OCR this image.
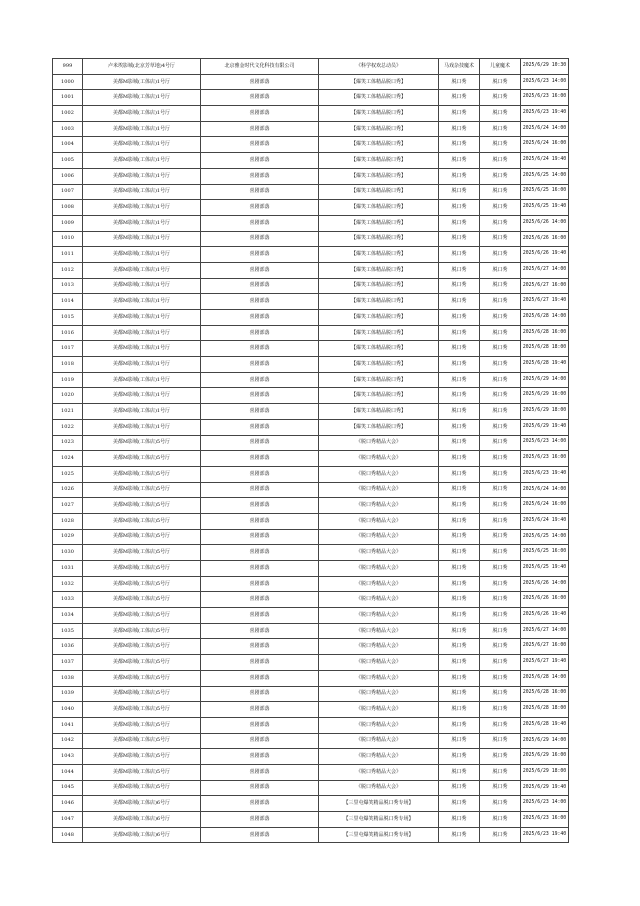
999	卢米埃影城(北京芳草地)4号厅	北京雅金时代文化科技有限公司	《科学权欢总动员》	马戏杂技魔术	儿童魔术	2025/6/29 10:30
1000	美都M影城(工体店)1号厅	喜剧部落	【爆笑工体精品脱口秀】	脱口秀	脱口秀	2025/6/23 14:00
1001	美都M影城(工体店)1号厅	喜剧部落	【爆笑工体精品脱口秀】	脱口秀	脱口秀	2025/6/23 16:00
1002	美都M影城(工体店)1号厅	喜剧部落	【爆笑工体精品脱口秀】	脱口秀	脱口秀	2025/6/23 19:40
1003	美都M影城(工体店)1号厅	喜剧部落	【爆笑工体精品脱口秀】	脱口秀	脱口秀	2025/6/24 14:00
1004	美都M影城(工体店)1号厅	喜剧部落	【爆笑工体精品脱口秀】	脱口秀	脱口秀	2025/6/24 16:00
1005	美都M影城(工体店)1号厅	喜剧部落	【爆笑工体精品脱口秀】	脱口秀	脱口秀	2025/6/24 19:40
1006	美都M影城(工体店)1号厅	喜剧部落	【爆笑工体精品脱口秀】	脱口秀	脱口秀	2025/6/25 14:00
1007	美都M影城(工体店)1号厅	喜剧部落	【爆笑工体精品脱口秀】	脱口秀	脱口秀	2025/6/25 16:00
1008	美都M影城(工体店)1号厅	喜剧部落	【爆笑工体精品脱口秀】	脱口秀	脱口秀	2025/6/25 19:40
1009	美都M影城(工体店)1号厅	喜剧部落	【爆笑工体精品脱口秀】	脱口秀	脱口秀	2025/6/26 14:00
1010	美都M影城(工体店)1号厅	喜剧部落	【爆笑工体精品脱口秀】	脱口秀	脱口秀	2025/6/26 16:00
1011	美都M影城(工体店)1号厅	喜剧部落	【爆笑工体精品脱口秀】	脱口秀	脱口秀	2025/6/26 19:40
1012	美都M影城(工体店)1号厅	喜剧部落	【爆笑工体精品脱口秀】	脱口秀	脱口秀	2025/6/27 14:00
1013	美都M影城(工体店)1号厅	喜剧部落	【爆笑工体精品脱口秀】	脱口秀	脱口秀	2025/6/27 16:00
1014	美都M影城(工体店)1号厅	喜剧部落	【爆笑工体精品脱口秀】	脱口秀	脱口秀	2025/6/27 19:40
1015	美都M影城(工体店)1号厅	喜剧部落	【爆笑工体精品脱口秀】	脱口秀	脱口秀	2025/6/28 14:00
1016	美都M影城(工体店)1号厅	喜剧部落	【爆笑工体精品脱口秀】	脱口秀	脱口秀	2025/6/28 16:00
1017	美都M影城(工体店)1号厅	喜剧部落	【爆笑工体精品脱口秀】	脱口秀	脱口秀	2025/6/28 18:00
1018	美都M影城(工体店)1号厅	喜剧部落	【爆笑工体精品脱口秀】	脱口秀	脱口秀	2025/6/28 19:40
1019	美都M影城(工体店)1号厅	喜剧部落	【爆笑工体精品脱口秀】	脱口秀	脱口秀	2025/6/29 14:00
1020	美都M影城(工体店)1号厅	喜剧部落	【爆笑工体精品脱口秀】	脱口秀	脱口秀	2025/6/29 16:00
1021	美都M影城(工体店)1号厅	喜剧部落	【爆笑工体精品脱口秀】	脱口秀	脱口秀	2025/6/29 18:00
1022	美都M影城(工体店)1号厅	喜剧部落	【爆笑工体精品脱口秀】	脱口秀	脱口秀	2025/6/29 19:40
1023	美都M影城(工体店)5号厅	喜剧部落	《脱口秀精品大会》	脱口秀	脱口秀	2025/6/23 14:00
1024	美都M影城(工体店)5号厅	喜剧部落	《脱口秀精品大会》	脱口秀	脱口秀	2025/6/23 16:00
1025	美都M影城(工体店)5号厅	喜剧部落	《脱口秀精品大会》	脱口秀	脱口秀	2025/6/23 19:40
1026	美都M影城(工体店)5号厅	喜剧部落	《脱口秀精品大会》	脱口秀	脱口秀	2025/6/24 14:00
1027	美都M影城(工体店)5号厅	喜剧部落	《脱口秀精品大会》	脱口秀	脱口秀	2025/6/24 16:00
1028	美都M影城(工体店)5号厅	喜剧部落	《脱口秀精品大会》	脱口秀	脱口秀	2025/6/24 19:40
1029	美都M影城(工体店)5号厅	喜剧部落	《脱口秀精品大会》	脱口秀	脱口秀	2025/6/25 14:00
1030	美都M影城(工体店)5号厅	喜剧部落	《脱口秀精品大会》	脱口秀	脱口秀	2025/6/25 16:00
1031	美都M影城(工体店)5号厅	喜剧部落	《脱口秀精品大会》	脱口秀	脱口秀	2025/6/25 19:40
1032	美都M影城(工体店)5号厅	喜剧部落	《脱口秀精品大会》	脱口秀	脱口秀	2025/6/26 14:00
1033	美都M影城(工体店)5号厅	喜剧部落	《脱口秀精品大会》	脱口秀	脱口秀	2025/6/26 16:00
1034	美都M影城(工体店)5号厅	喜剧部落	《脱口秀精品大会》	脱口秀	脱口秀	2025/6/26 19:40
1035	美都M影城(工体店)5号厅	喜剧部落	《脱口秀精品大会》	脱口秀	脱口秀	2025/6/27 14:00
1036	美都M影城(工体店)5号厅	喜剧部落	《脱口秀精品大会》	脱口秀	脱口秀	2025/6/27 16:00
1037	美都M影城(工体店)5号厅	喜剧部落	《脱口秀精品大会》	脱口秀	脱口秀	2025/6/27 19:40
1038	美都M影城(工体店)5号厅	喜剧部落	《脱口秀精品大会》	脱口秀	脱口秀	2025/6/28 14:00
1039	美都M影城(工体店)5号厅	喜剧部落	《脱口秀精品大会》	脱口秀	脱口秀	2025/6/28 16:00
1040	美都M影城(工体店)5号厅	喜剧部落	《脱口秀精品大会》	脱口秀	脱口秀	2025/6/28 18:00
1041	美都M影城(工体店)5号厅	喜剧部落	《脱口秀精品大会》	脱口秀	脱口秀	2025/6/28 19:40
1042	美都M影城(工体店)5号厅	喜剧部落	《脱口秀精品大会》	脱口秀	脱口秀	2025/6/29 14:00
1043	美都M影城(工体店)5号厅	喜剧部落	《脱口秀精品大会》	脱口秀	脱口秀	2025/6/29 16:00
1044	美都M影城(工体店)5号厅	喜剧部落	《脱口秀精品大会》	脱口秀	脱口秀	2025/6/29 18:00
1045	美都M影城(工体店)5号厅	喜剧部落	《脱口秀精品大会》	脱口秀	脱口秀	2025/6/29 19:40
1046	美都M影城(工体店)6号厅	喜剧部落	【三里屯爆笑精品脱口秀专场】	脱口秀	脱口秀	2025/6/23 14:00
1047	美都M影城(工体店)6号厅	喜剧部落	【三里屯爆笑精品脱口秀专场】	脱口秀	脱口秀	2025/6/23 16:00
1048	美都M影城(工体店)6号厅	喜剧部落	【三里屯爆笑精品脱口秀专场】	脱口秀	脱口秀	2025/6/23 19:40
